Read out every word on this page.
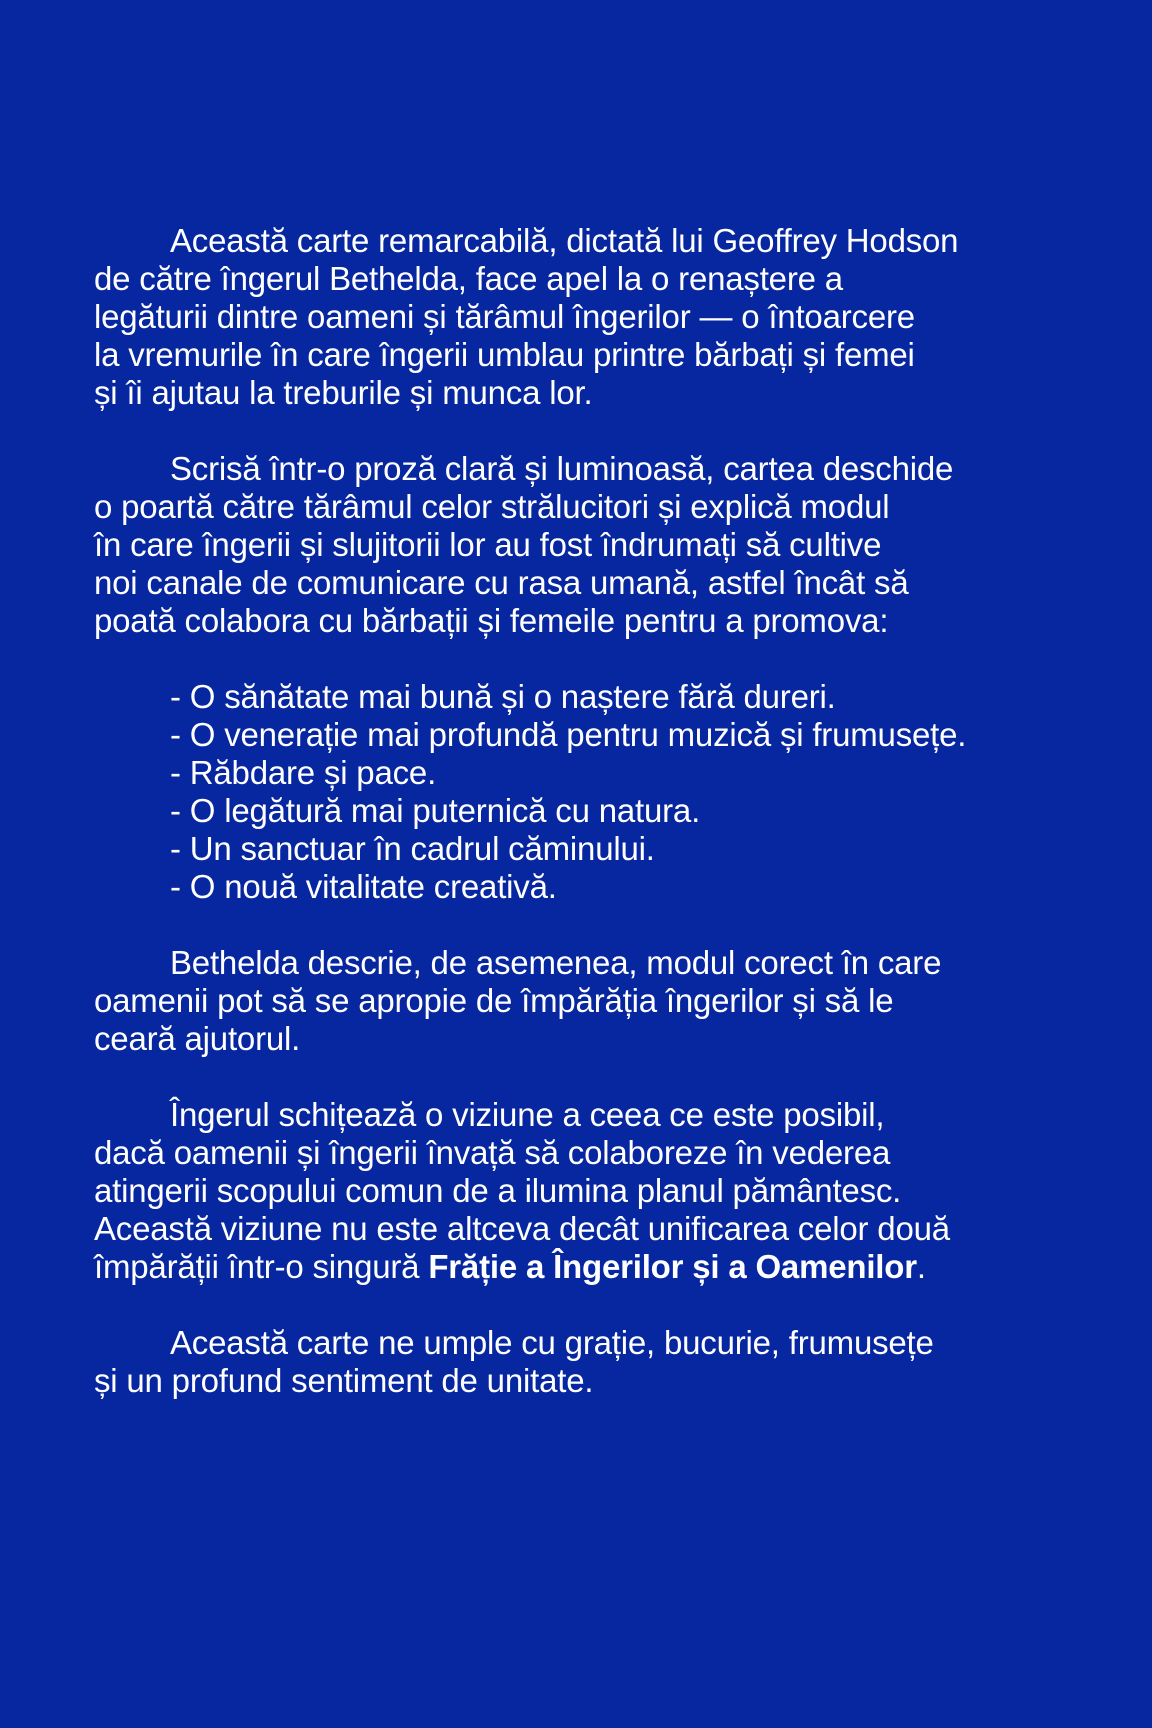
Această carte remarcabilă, dictată lui Geoffrey Hodson
de către îngerul Bethelda, face apel la o renaștere a
legăturii dintre oameni și tărâmul îngerilor — o întoarcere
la vremurile în care îngerii umblau printre bărbați și femei
și îi ajutau la treburile și munca lor.

Scrisă într-o proză clară și luminoasă, cartea deschide
o poartă către tărâmul celor strălucitori și explică modul
în care îngerii și slujitorii lor au fost îndrumați să cultive
noi canale de comunicare cu rasa umană, astfel încât să
poată colabora cu bărbații și femeile pentru a promova:

- O sănătate mai bună și o naștere fără dureri.
- O venerație mai profundă pentru muzică și frumusețe.
- Răbdare și pace.
- O legătură mai puternică cu natura.
- Un sanctuar în cadrul căminului.
- O nouă vitalitate creativă.

Bethelda descrie, de asemenea, modul corect în care
oamenii pot să se apropie de împărăția îngerilor și să le
ceară ajutorul.

Îngerul schițează o viziune a ceea ce este posibil,
dacă oamenii și îngerii învață să colaboreze în vederea
atingerii scopului comun de a ilumina planul pământesc.
Această viziune nu este altceva decât unificarea celor două
împărății într-o singură Frăție a Îngerilor și a Oamenilor.

Această carte ne umple cu grație, bucurie, frumusețe
și un profund sentiment de unitate.
